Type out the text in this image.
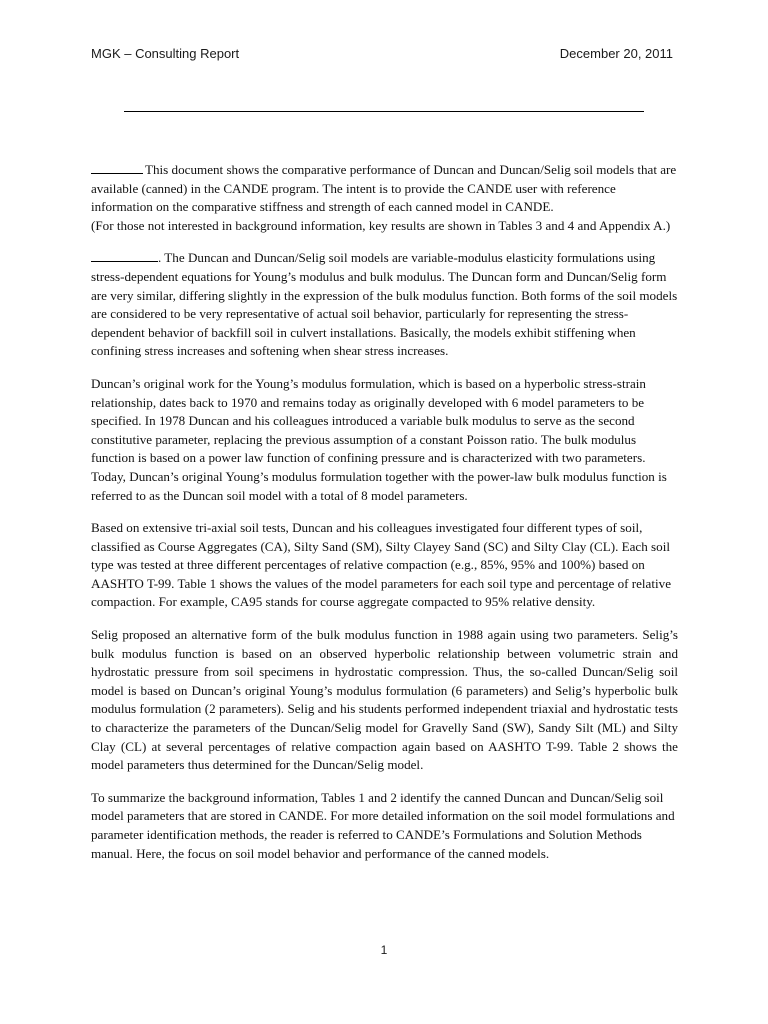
MGK – Consulting Report	December 20, 2011

This document shows the comparative performance of Duncan and Duncan/Selig soil models that are available (canned) in the CANDE program. The intent is to provide the CANDE user with reference information on the comparative stiffness and strength of each canned model in CANDE.
(For those not interested in background information, key results are shown in Tables 3 and 4 and Appendix A.)

. The Duncan and Duncan/Selig soil models are variable-modulus elasticity formulations using stress-dependent equations for Young’s modulus and bulk modulus. The Duncan form and Duncan/Selig form are very similar, differing slightly in the expression of the bulk modulus function. Both forms of the soil models are considered to be very representative of actual soil behavior, particularly for representing the stress-dependent behavior of backfill soil in culvert installations. Basically, the models exhibit stiffening when confining stress increases and softening when shear stress increases.

Duncan’s original work for the Young’s modulus formulation, which is based on a hyperbolic stress-strain relationship, dates back to 1970 and remains today as originally developed with 6 model parameters to be specified. In 1978 Duncan and his colleagues introduced a variable bulk modulus to serve as the second constitutive parameter, replacing the previous assumption of a constant Poisson ratio. The bulk modulus function is based on a power law function of confining pressure and is characterized with two parameters. Today, Duncan’s original Young’s modulus formulation together with the power-law bulk modulus function is referred to as the Duncan soil model with a total of 8 model parameters.

Based on extensive tri-axial soil tests, Duncan and his colleagues investigated four different types of soil, classified as Course Aggregates (CA), Silty Sand (SM), Silty Clayey Sand (SC) and Silty Clay (CL). Each soil type was tested at three different percentages of relative compaction (e.g., 85%, 95% and 100%) based on AASHTO T-99. Table 1 shows the values of the model parameters for each soil type and percentage of relative compaction. For example, CA95 stands for course aggregate compacted to 95% relative density.

Selig proposed an alternative form of the bulk modulus function in 1988 again using two parameters. Selig’s bulk modulus function is based on an observed hyperbolic relationship between volumetric strain and hydrostatic pressure from soil specimens in hydrostatic compression. Thus, the so-called Duncan/Selig soil model is based on Duncan’s original Young’s modulus formulation (6 parameters) and Selig’s hyperbolic bulk modulus formulation (2 parameters). Selig and his students performed independent triaxial and hydrostatic tests to characterize the parameters of the Duncan/Selig model for Gravelly Sand (SW), Sandy Silt (ML) and Silty Clay (CL) at several percentages of relative compaction again based on AASHTO T-99. Table 2 shows the model parameters thus determined for the Duncan/Selig model.

To summarize the background information, Tables 1 and 2 identify the canned Duncan and Duncan/Selig soil model parameters that are stored in CANDE. For more detailed information on the soil model formulations and parameter identification methods, the reader is referred to CANDE’s Formulations and Solution Methods manual. Here, the focus on soil model behavior and performance of the canned models.

1
